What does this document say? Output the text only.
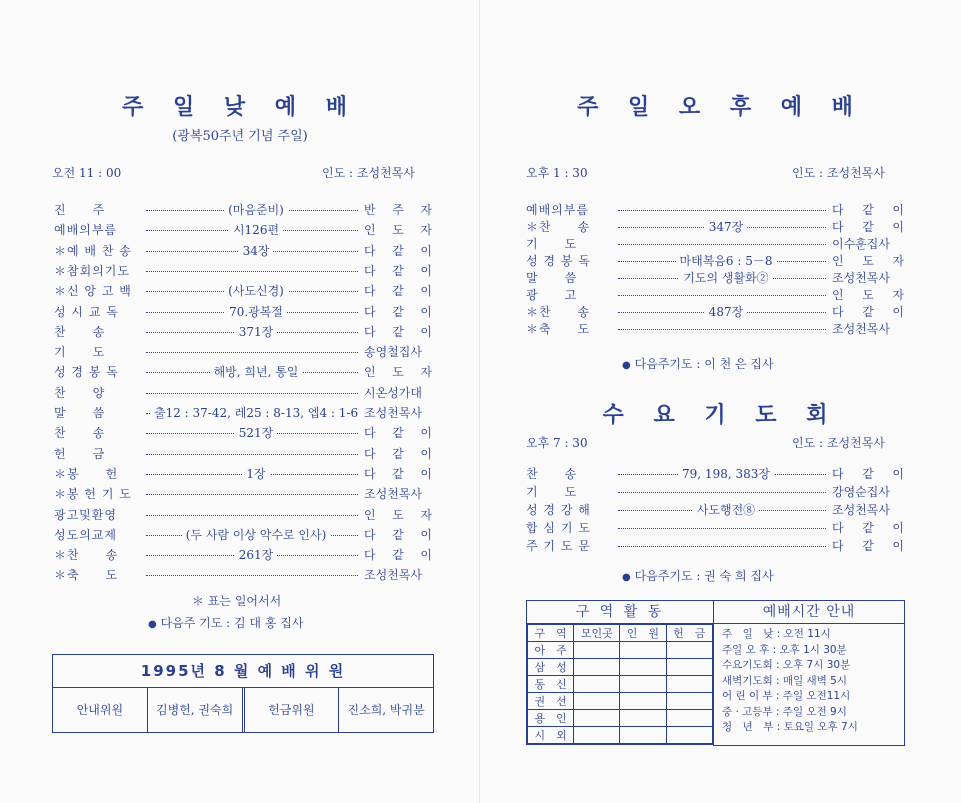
주 일 낮 예 배
(광복50주년 기념 주일)
오전 11 : 00	인도 : 조성천목사
진　　주	(마음준비)	반 주 자
예배의부름	시126편	인 도 자
＊예 배 찬 송	34장	다 같 이
＊참회의기도	다 같 이
＊신 앙 고 백	(사도신경)	다 같 이
성 시 교 독	70.광복절	다 같 이
찬　　송	371장	다 같 이
기　　도	송영철집사
성 경 봉 독	해방, 희년, 통일	인 도 자
찬　　양	시온성가대
말　　씀	출12 : 37-42, 레25 : 8-13, 엡4 : 1-6 조성천목사
찬　　송	521장	다 같 이
헌　　금	다 같 이
＊봉　　헌	1장	다 같 이
＊봉 헌 기 도	조성천목사
광고및환영	인 도 자
성도의교제	(두 사람 이상 악수로 인사)	다 같 이
＊찬　　송	261장	다 같 이
＊축　　도	조성천목사
＊ 표는 일어서서
● 다음주 기도 : 김 대 홍 집사
1995년 8 월 예 배 위 원
안내위원	김병헌, 권숙희	헌금위원	진소희, 박귀분
주 일 오 후 예 배
오후 1 : 30	인도 : 조성천목사
예배의부름	다 같 이
＊찬　　송	347장	다 같 이
기　　도	이수훈집사
성 경 봉 독	마태복음6 : 5－8	인 도 자
말　　씀	기도의 생활화②	조성천목사
광　　고	인 도 자
＊찬　　송	487장	다 같 이
＊축　　도	조성천목사
● 다음주기도 : 이 천 은 집사
수 요 기 도 회
오후 7 : 30	인도 : 조성천목사
찬　　송	79, 198, 383장	다 같 이
기　　도	강영순집사
성 경 강 해	사도행전⑧	조성천목사
합 심 기 도	다 같 이
주 기 도 문	다 같 이
● 다음주기도 : 권 숙 희 집사
구 역 활 동
구　역	모인곳	인　원	헌　금
아　주			
삼　성			
동　신			
권　선			
용　인			
시　외			
예배시간 안내
주　일　낮 : 오전 11시
주일 오 후 : 오후 1시 30분
수요기도회 : 오후 7시 30분
새벽기도회 : 매일 새벽 5시
어 린 이 부 : 주일 오전11시
중 · 고등부 : 주일 오전 9시
청　년　부 : 토요일 오후 7시
